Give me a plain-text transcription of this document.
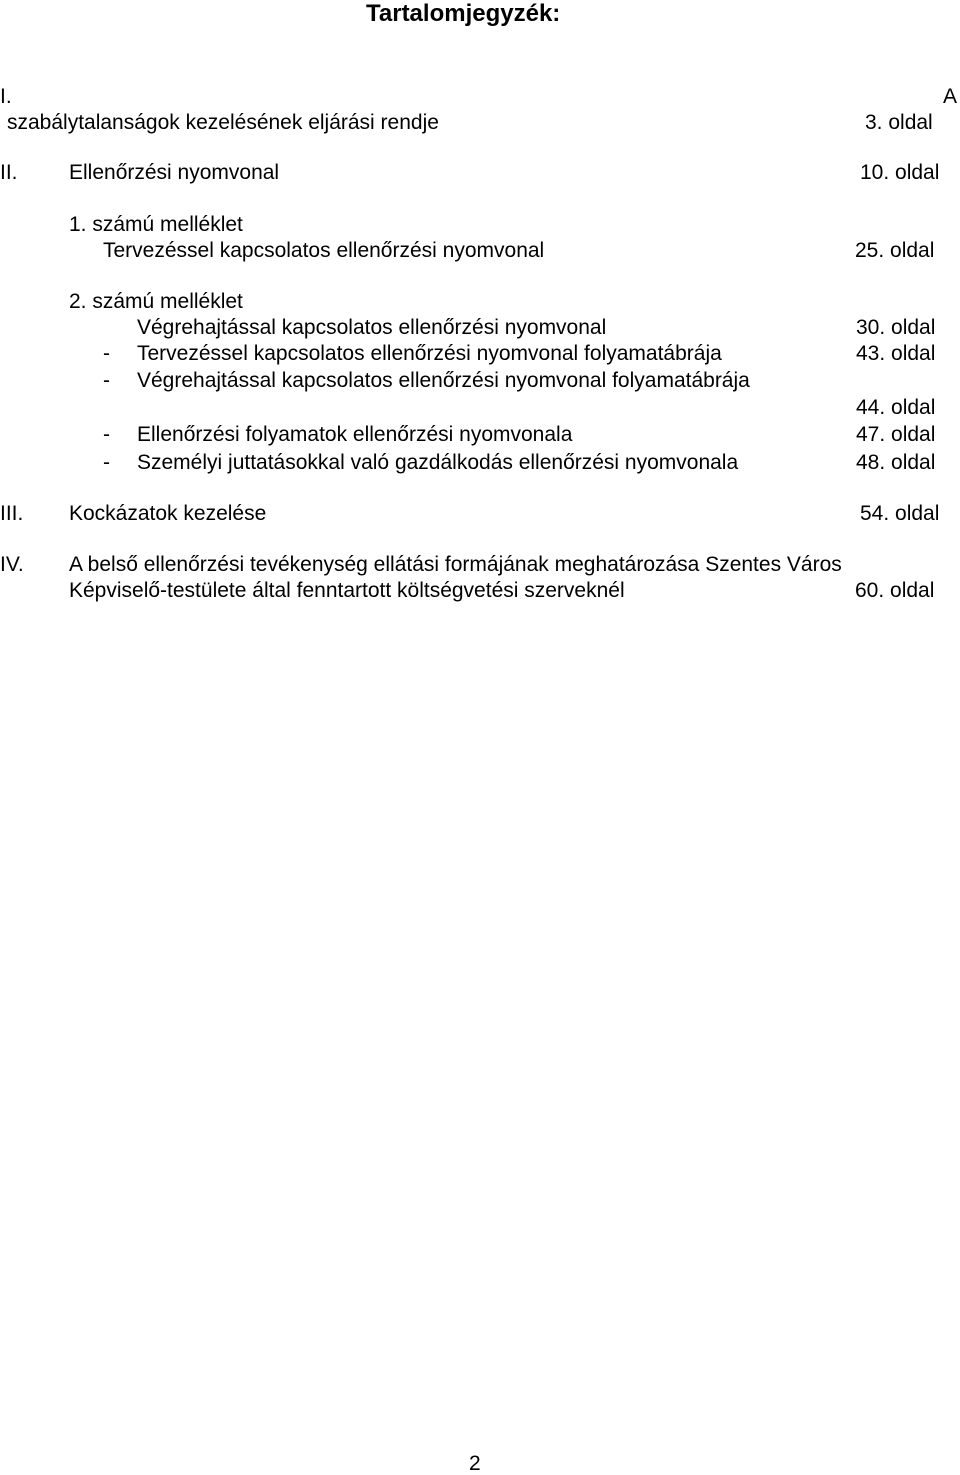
Tartalomjegyzék:
I.	A
szabálytalanságok kezelésének eljárási rendje	3. oldal
II. Ellenőrzési nyomvonal	10. oldal
1. számú melléklet
Tervezéssel kapcsolatos ellenőrzési nyomvonal	25. oldal
2. számú melléklet
Végrehajtással kapcsolatos ellenőrzési nyomvonal	30. oldal
- Tervezéssel kapcsolatos ellenőrzési nyomvonal folyamatábrája	43. oldal
- Végrehajtással kapcsolatos ellenőrzési nyomvonal folyamatábrája
44. oldal
- Ellenőrzési folyamatok ellenőrzési nyomvonala	47. oldal
- Személyi juttatásokkal való gazdálkodás ellenőrzési nyomvonala	48. oldal
III. Kockázatok kezelése	54. oldal
IV. A belső ellenőrzési tevékenység ellátási formájának meghatározása Szentes Város
Képviselő-testülete által fenntartott költségvetési szerveknél	60. oldal
2
